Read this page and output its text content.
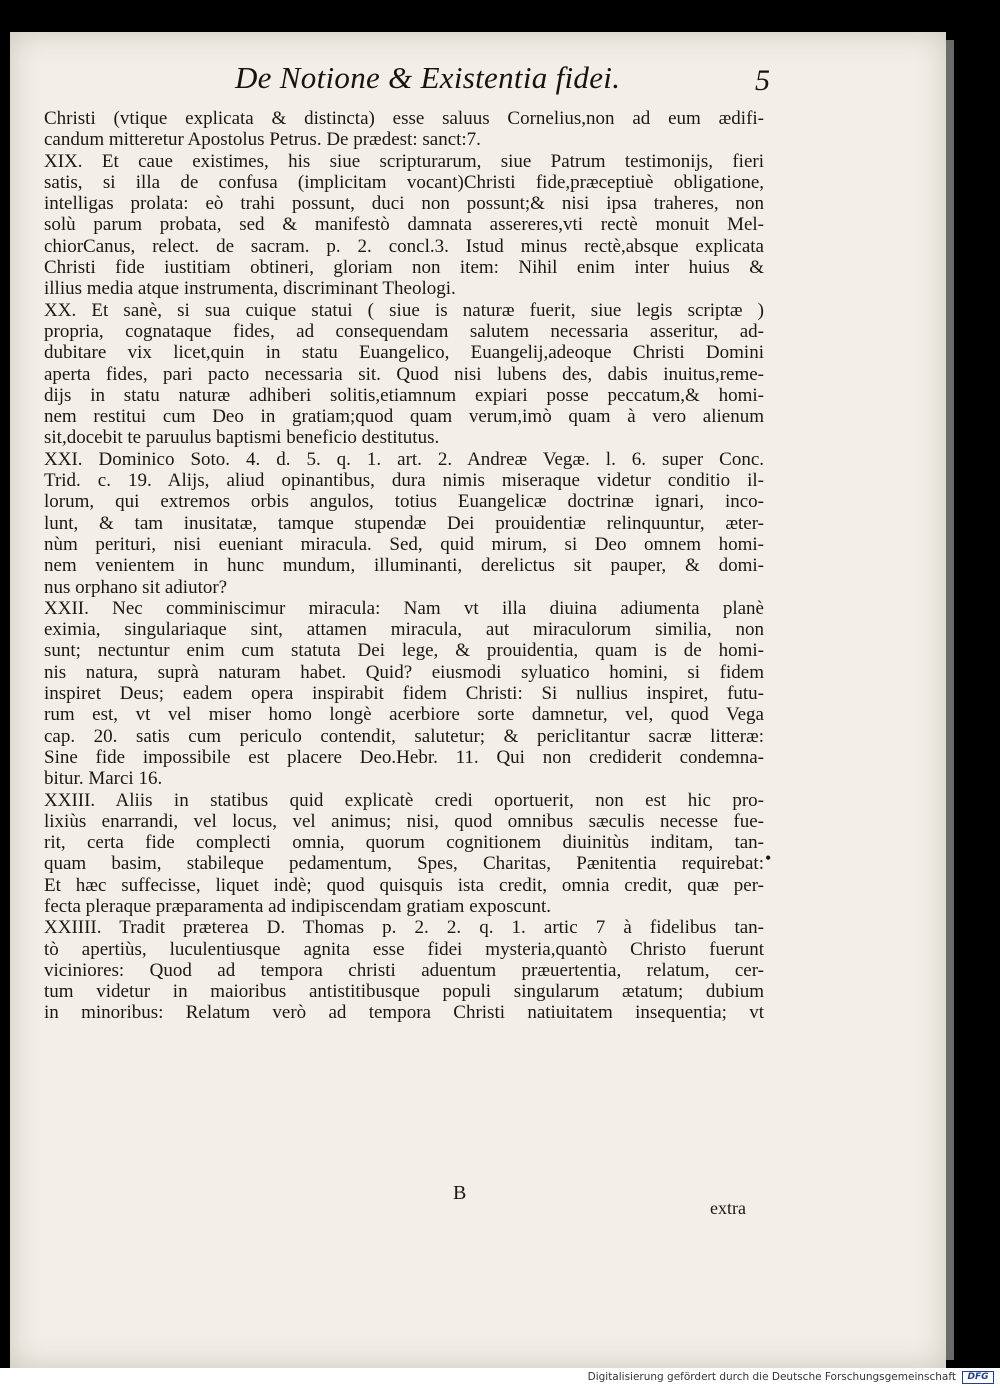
De Notione & Existentia fidei.	5
Christi (vtique explicata & distincta) esse saluus Cornelius,non ad eum ædifi-
candum mitteretur Apostolus Petrus. De prædest: sanct:7.
XIX. Et caue existimes, his siue scripturarum, siue Patrum testimonijs, fieri
satis, si illa de confusa (implicitam vocant)Christi fide,præceptiuè obligatione,
intelligas prolata: eò trahi possunt, duci non possunt;& nisi ipsa traheres, non
solù parum probata, sed & manifestò damnata assereres,vti rectè monuit Mel-
chiorCanus, relect. de sacram. p. 2. concl.3. Istud minus rectè,absque explicata
Christi fide iustitiam obtineri, gloriam non item: Nihil enim inter huius &
illius media atque instrumenta, discriminant Theologi.
XX. Et sanè, si sua cuique statui ( siue is naturæ fuerit, siue legis scriptæ )
propria, cognataque fides, ad consequendam salutem necessaria asseritur, ad-
dubitare vix licet,quin in statu Euangelico, Euangelij,adeoque Christi Domini
aperta fides, pari pacto necessaria sit. Quod nisi lubens des, dabis inuitus,reme-
dijs in statu naturæ adhiberi solitis,etiamnum expiari posse peccatum,& homi-
nem restitui cum Deo in gratiam;quod quam verum,imò quam à vero alienum
sit,docebit te paruulus baptismi beneficio destitutus.
XXI. Dominico Soto. 4. d. 5. q. 1. art. 2. Andreæ Vegæ. l. 6. super Conc.
Trid. c. 19. Alijs, aliud opinantibus, dura nimis miseraque videtur conditio il-
lorum, qui extremos orbis angulos, totius Euangelicæ doctrinæ ignari, inco-
lunt, & tam inusitatæ, tamque stupendæ Dei prouidentiæ relinquuntur, æter-
nùm perituri, nisi eueniant miracula. Sed, quid mirum, si Deo omnem homi-
nem venientem in hunc mundum, illuminanti, derelictus sit pauper, & domi-
nus orphano sit adiutor?
XXII. Nec comminiscimur miracula: Nam vt illa diuina adiumenta planè
eximia, singulariaque sint, attamen miracula, aut miraculorum similia, non
sunt; nectuntur enim cum statuta Dei lege, & prouidentia, quam is de homi-
nis natura, suprà naturam habet. Quid? eiusmodi syluatico homini, si fidem
inspiret Deus; eadem opera inspirabit fidem Christi: Si nullius inspiret, futu-
rum est, vt vel miser homo longè acerbiore sorte damnetur, vel, quod Vega
cap. 20. satis cum periculo contendit, salutetur; & periclitantur sacræ litteræ:
Sine fide impossibile est placere Deo.Hebr. 11. Qui non crediderit condemna-
bitur. Marci 16.
XXIII. Aliis in statibus quid explicatè credi oportuerit, non est hic pro-
lixiùs enarrandi, vel locus, vel animus; nisi, quod omnibus sæculis necesse fue-
rit, certa fide complecti omnia, quorum cognitionem diuinitùs inditam, tan-
quam basim, stabileque pedamentum, Spes, Charitas, Pænitentia requirebat:
Et hæc suffecisse, liquet indè; quod quisquis ista credit, omnia credit, quæ per-
fecta pleraque præparamenta ad indipiscendam gratiam exposcunt.
XXIIII. Tradit præterea D. Thomas p. 2. 2. q. 1. artic 7 à fidelibus tan-
tò apertiùs, luculentiusque agnita esse fidei mysteria,quantò Christo fuerunt
viciniores: Quod ad tempora christi aduentum præuertentia, relatum, cer-
tum videtur in maioribus antistitibusque populi singularum ætatum; dubium
in minoribus: Relatum verò ad tempora Christi natiuitatem insequentia; vt
•
B
extra
Digitalisierung gefördert durch die Deutsche Forschungsgemeinschaft	DFG
